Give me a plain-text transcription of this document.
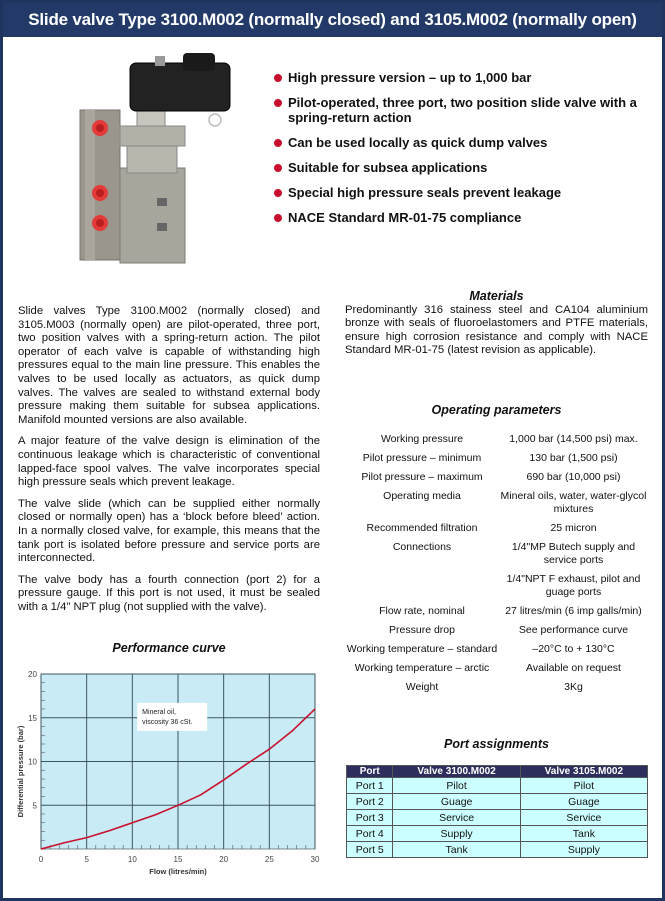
Slide valve Type 3100.M002 (normally closed) and 3105.M002 (normally open)
High pressure version – up to 1,000 bar
Pilot-operated, three port, two position slide valve with a spring-return action
Can be used locally as quick dump valves
Suitable for subsea applications
Special high pressure seals prevent leakage
NACE Standard MR-01-75 compliance

Slide valves Type 3100.M002 (normally closed) and 3105.M003 (normally open) are pilot-operated, three port, two position valves with a spring-return action. The pilot operator of each valve is capable of withstanding high pressures equal to the main line pressure. This enables the valves to be used locally as actuators, as quick dump valves. The valves are sealed to withstand external body pressure making them suitable for subsea applications. Manifold mounted versions are also available.

A major feature of the valve design is elimination of the continuous leakage which is characteristic of conventional lapped-face spool valves. The valve incorporates special high pressure seals which prevent leakage.

The valve slide (which can be supplied either normally closed or normally open) has a ‘block before bleed’ action. In a normally closed valve, for example, this means that the tank port is isolated before pressure and service ports are interconnected.

The valve body has a fourth connection (port 2) for a pressure gauge. If this port is not used, it must be sealed with a 1/4" NPT plug (not supplied with the valve).

Materials
Predominantly 316 stainess steel and CA104 aluminium bronze with seals of fluoroelastomers and PTFE materials, ensure high corrosion resistance and comply with NACE Standard MR-01-75 (latest revision as applicable).
Operating parameters
Working pressure	1,000 bar (14,500 psi) max.
Pilot pressure – minimum	130 bar (1,500 psi)
Pilot pressure – maximum	690 bar (10,000 psi)
Operating media	Mineral oils, water, water-glycol mixtures
Recommended filtration	25 micron
Connections	1/4"MP Butech supply and service ports
1/4"NPT F exhaust, pilot and guage ports
Flow rate, nominal	27 litres/min (6 imp galls/min)
Pressure drop	See performance curve
Working temperature – standard	–20°C to + 130°C
Working temperature – arctic	Available on request
Weight	3Kg
Port assignments
Port	Valve 3100.M002	Valve 3105.M002
Port 1	Pilot	Pilot
Port 2	Guage	Guage
Port 3	Service	Service
Port 4	Supply	Tank
Port 5	Tank	Supply
Performance curve
0	5	10	15	20	25	30
5
10
15
20
Mineral oil,
viscosity 36 cSt.
Flow (litres/min)
Differential pressure (bar)
